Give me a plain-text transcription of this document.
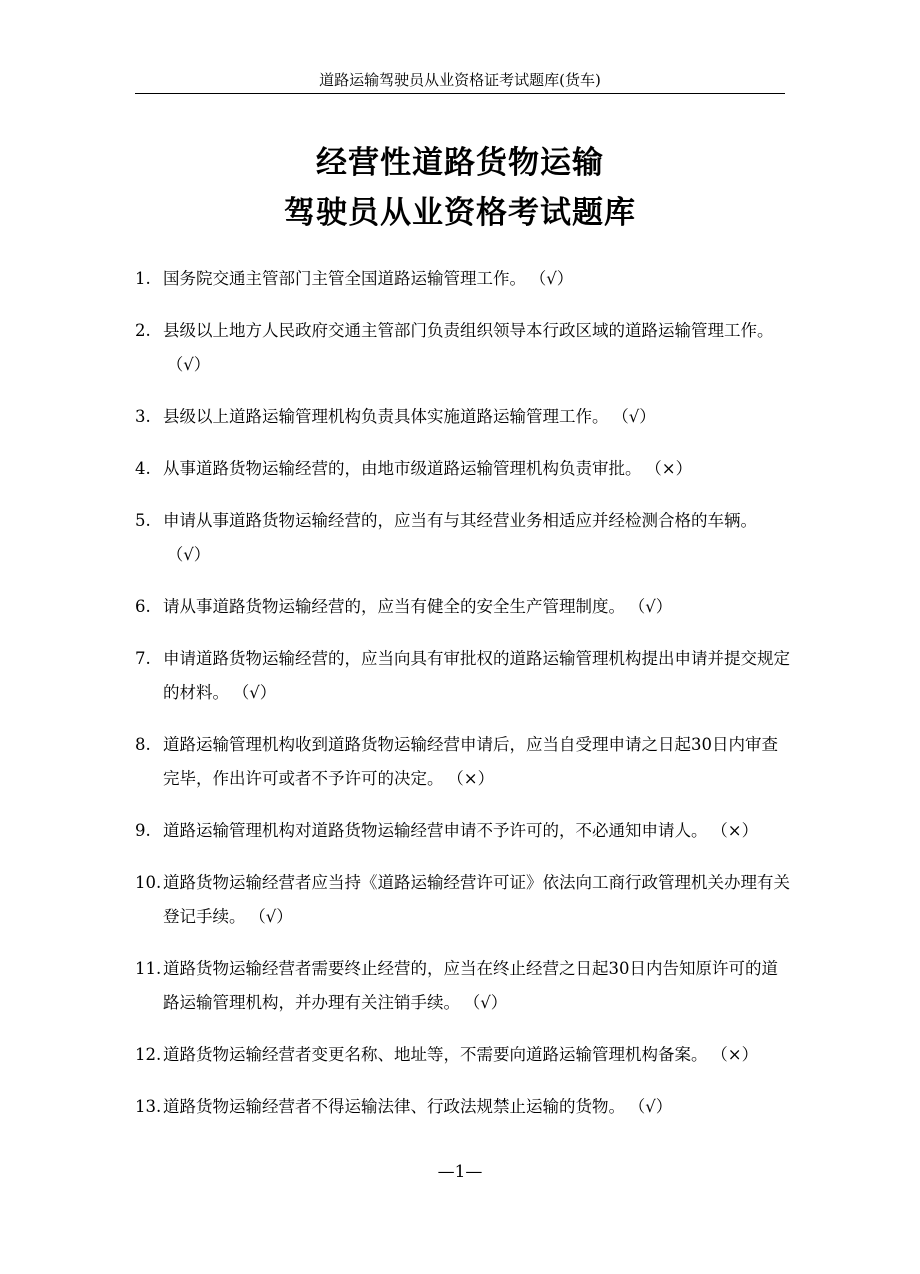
道路运输驾驶员从业资格证考试题库(货车)
经营性道路货物运输
驾驶员从业资格考试题库
1. 国务院交通主管部门主管全国道路运输管理工作。 （√）
2. 县级以上地方人民政府交通主管部门负责组织领导本行政区域的道路运输管理工作。（√）
3. 县级以上道路运输管理机构负责具体实施道路运输管理工作。 （√）
4. 从事道路货物运输经营的，由地市级道路运输管理机构负责审批。 （×）
5. 申请从事道路货物运输经营的，应当有与其经营业务相适应并经检测合格的车辆。（√）
6. 请从事道路货物运输经营的，应当有健全的安全生产管理制度。 （√）
7. 申请道路货物运输经营的，应当向具有审批权的道路运输管理机构提出申请并提交规定的材料。 （√）
8. 道路运输管理机构收到道路货物运输经营申请后，应当自受理申请之日起30日内审查完毕，作出许可或者不予许可的决定。 （×）
9. 道路运输管理机构对道路货物运输经营申请不予许可的，不必通知申请人。 （×）
10. 道路货物运输经营者应当持《道路运输经营许可证》依法向工商行政管理机关办理有关登记手续。 （√）
11. 道路货物运输经营者需要终止经营的，应当在终止经营之日起30日内告知原许可的道路运输管理机构，并办理有关注销手续。 （√）
12. 道路货物运输经营者变更名称、地址等，不需要向道路运输管理机构备案。 （×）
13. 道路货物运输经营者不得运输法律、行政法规禁止运输的货物。 （√）
—1—
